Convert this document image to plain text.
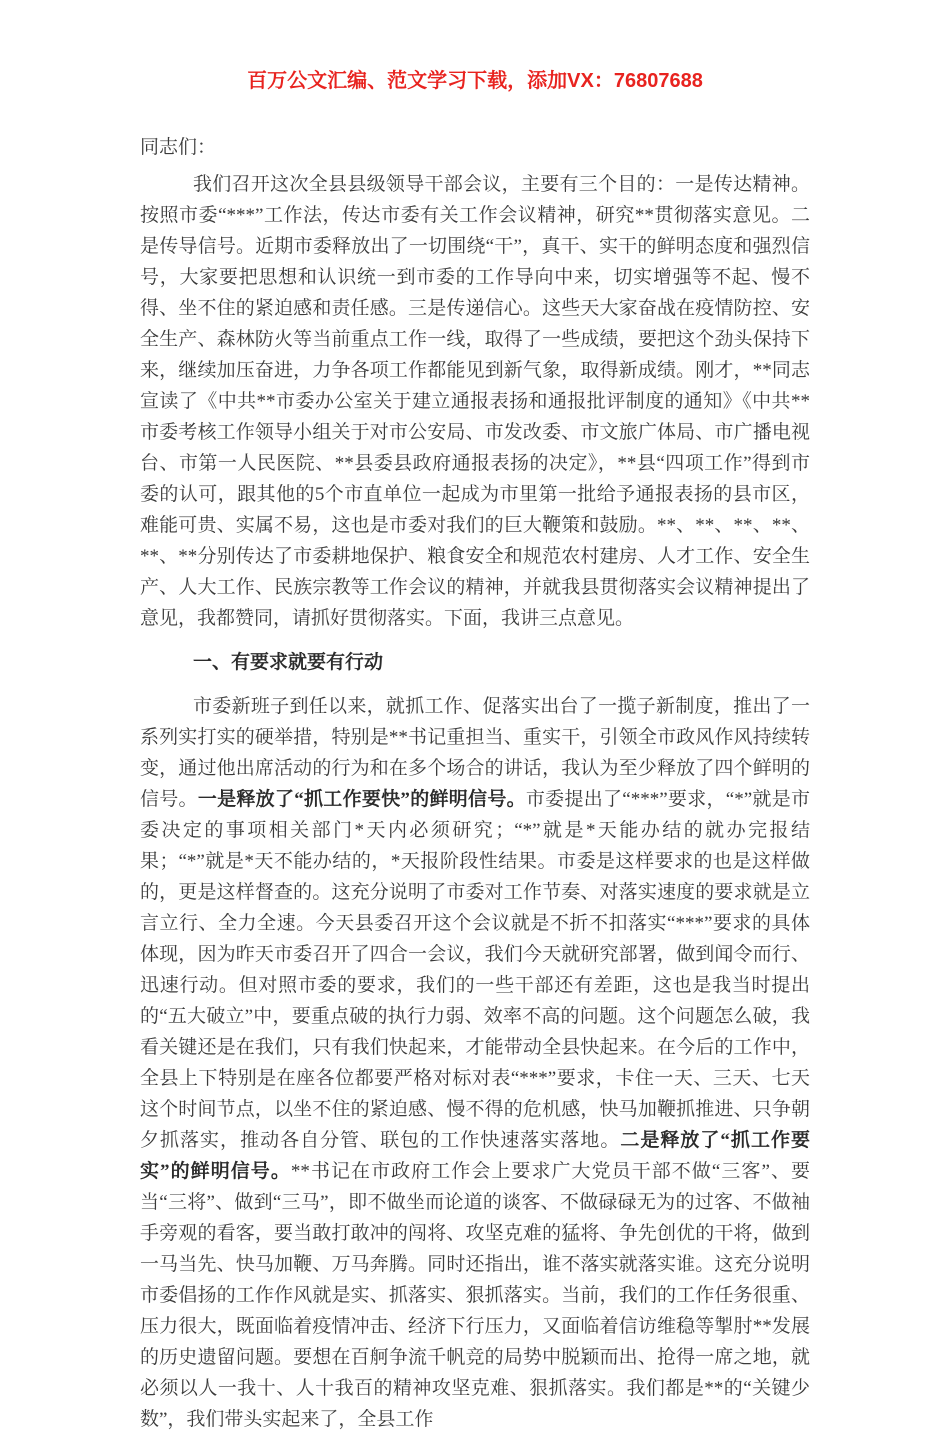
百万公文汇编、范文学习下载，添加VX：76807688

同志们：

我们召开这次全县县级领导干部会议，主要有三个目的：一是传达精神。按照市委“***”工作法，传达市委有关工作会议精神，研究**贯彻落实意见。二是传导信号。近期市委释放出了一切围绕“干”，真干、实干的鲜明态度和强烈信号，大家要把思想和认识统一到市委的工作导向中来，切实增强等不起、慢不得、坐不住的紧迫感和责任感。三是传递信心。这些天大家奋战在疫情防控、安全生产、森林防火等当前重点工作一线，取得了一些成绩，要把这个劲头保持下来，继续加压奋进，力争各项工作都能见到新气象，取得新成绩。刚才，**同志宣读了《中共**市委办公室关于建立通报表扬和通报批评制度的通知》《中共**市委考核工作领导小组关于对市公安局、市发改委、市文旅广体局、市广播电视台、市第一人民医院、**县委县政府通报表扬的决定》，**县“四项工作”得到市委的认可，跟其他的5个市直单位一起成为市里第一批给予通报表扬的县市区，难能可贵、实属不易，这也是市委对我们的巨大鞭策和鼓励。**、**、**、**、**、**分别传达了市委耕地保护、粮食安全和规范农村建房、人才工作、安全生产、人大工作、民族宗教等工作会议的精神，并就我县贯彻落实会议精神提出了意见，我都赞同，请抓好贯彻落实。下面，我讲三点意见。

一、有要求就要有行动

市委新班子到任以来，就抓工作、促落实出台了一揽子新制度，推出了一系列实打实的硬举措，特别是**书记重担当、重实干，引领全市政风作风持续转变，通过他出席活动的行为和在多个场合的讲话，我认为至少释放了四个鲜明的信号。一是释放了“抓工作要快”的鲜明信号。市委提出了“***”要求，“*”就是市委决定的事项相关部门*天内必须研究；“*”就是*天能办结的就办完报结果；“*”就是*天不能办结的，*天报阶段性结果。市委是这样要求的也是这样做的，更是这样督查的。这充分说明了市委对工作节奏、对落实速度的要求就是立言立行、全力全速。今天县委召开这个会议就是不折不扣落实“***”要求的具体体现，因为昨天市委召开了四合一会议，我们今天就研究部署，做到闻令而行、迅速行动。但对照市委的要求，我们的一些干部还有差距，这也是我当时提出的“五大破立”中，要重点破的执行力弱、效率不高的问题。这个问题怎么破，我看关键还是在我们，只有我们快起来，才能带动全县快起来。在今后的工作中，全县上下特别是在座各位都要严格对标对表“***”要求，卡住一天、三天、七天这个时间节点，以坐不住的紧迫感、慢不得的危机感，快马加鞭抓推进、只争朝夕抓落实，推动各自分管、联包的工作快速落实落地。二是释放了“抓工作要实”的鲜明信号。**书记在市政府工作会上要求广大党员干部不做“三客”、要当“三将”、做到“三马”，即不做坐而论道的谈客、不做碌碌无为的过客、不做袖手旁观的看客，要当敢打敢冲的闯将、攻坚克难的猛将、争先创优的干将，做到一马当先、快马加鞭、万马奔腾。同时还指出，谁不落实就落实谁。这充分说明市委倡扬的工作作风就是实、抓落实、狠抓落实。当前，我们的工作任务很重、压力很大，既面临着疫情冲击、经济下行压力，又面临着信访维稳等掣肘**发展的历史遗留问题。要想在百舸争流千帆竞的局势中脱颖而出、抢得一席之地，就必须以人一我十、人十我百的精神攻坚克难、狠抓落实。我们都是**的“关键少数”，我们带头实起来了，全县工作
